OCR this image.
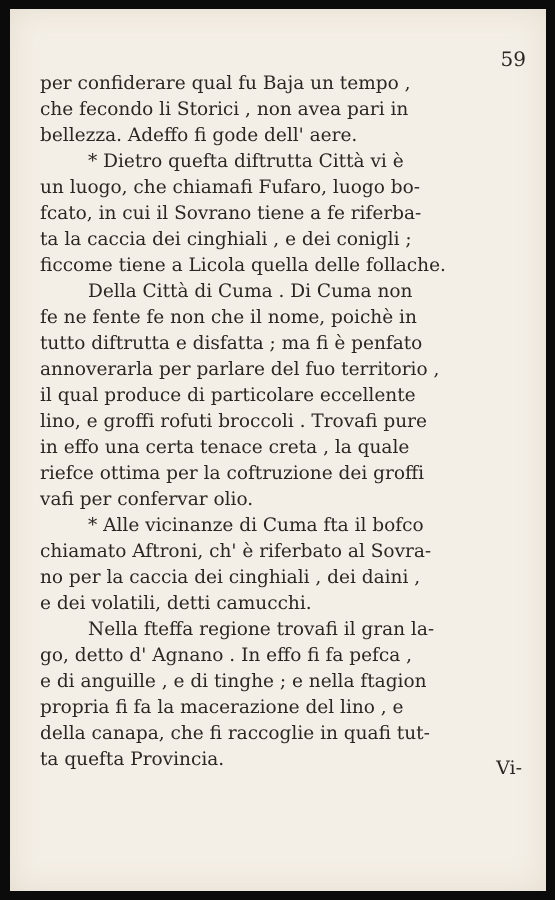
59
per confiderare qual fu Baja un tempo ,
che fecondo li Storici , non avea pari in
bellezza. Adeffo fi gode dell' aere.
* Dietro quefta diftrutta Città vi è
un luogo, che chiamafi Fufaro, luogo bo-
fcato, in cui il Sovrano tiene a fe riferba-
ta la caccia dei cinghiali , e dei conigli ;
ficcome tiene a Licola quella delle follache.
Della Città di Cuma . Di Cuma non
fe ne fente fe non che il nome, poichè in
tutto diftrutta e disfatta ; ma fi è penfato
annoverarla per parlare del fuo territorio ,
il qual produce di particolare eccellente
lino, e groffi rofuti broccoli . Trovafi pure
in effo una certa tenace creta , la quale
riefce ottima per la coftruzione dei groffi
vafi per confervar olio.
* Alle vicinanze di Cuma fta il bofco
chiamato Aftroni, ch' è riferbato al Sovra-
no per la caccia dei cinghiali , dei daini ,
e dei volatili, detti camucchi.
Nella fteffa regione trovafi il gran la-
go, detto d' Agnano . In effo fi fa pefca ,
e di anguille , e di tinghe ; e nella ftagion
propria fi fa la macerazione del lino , e
della canapa, che fi raccoglie in quafi tut-
ta quefta Provincia.	Vi-
